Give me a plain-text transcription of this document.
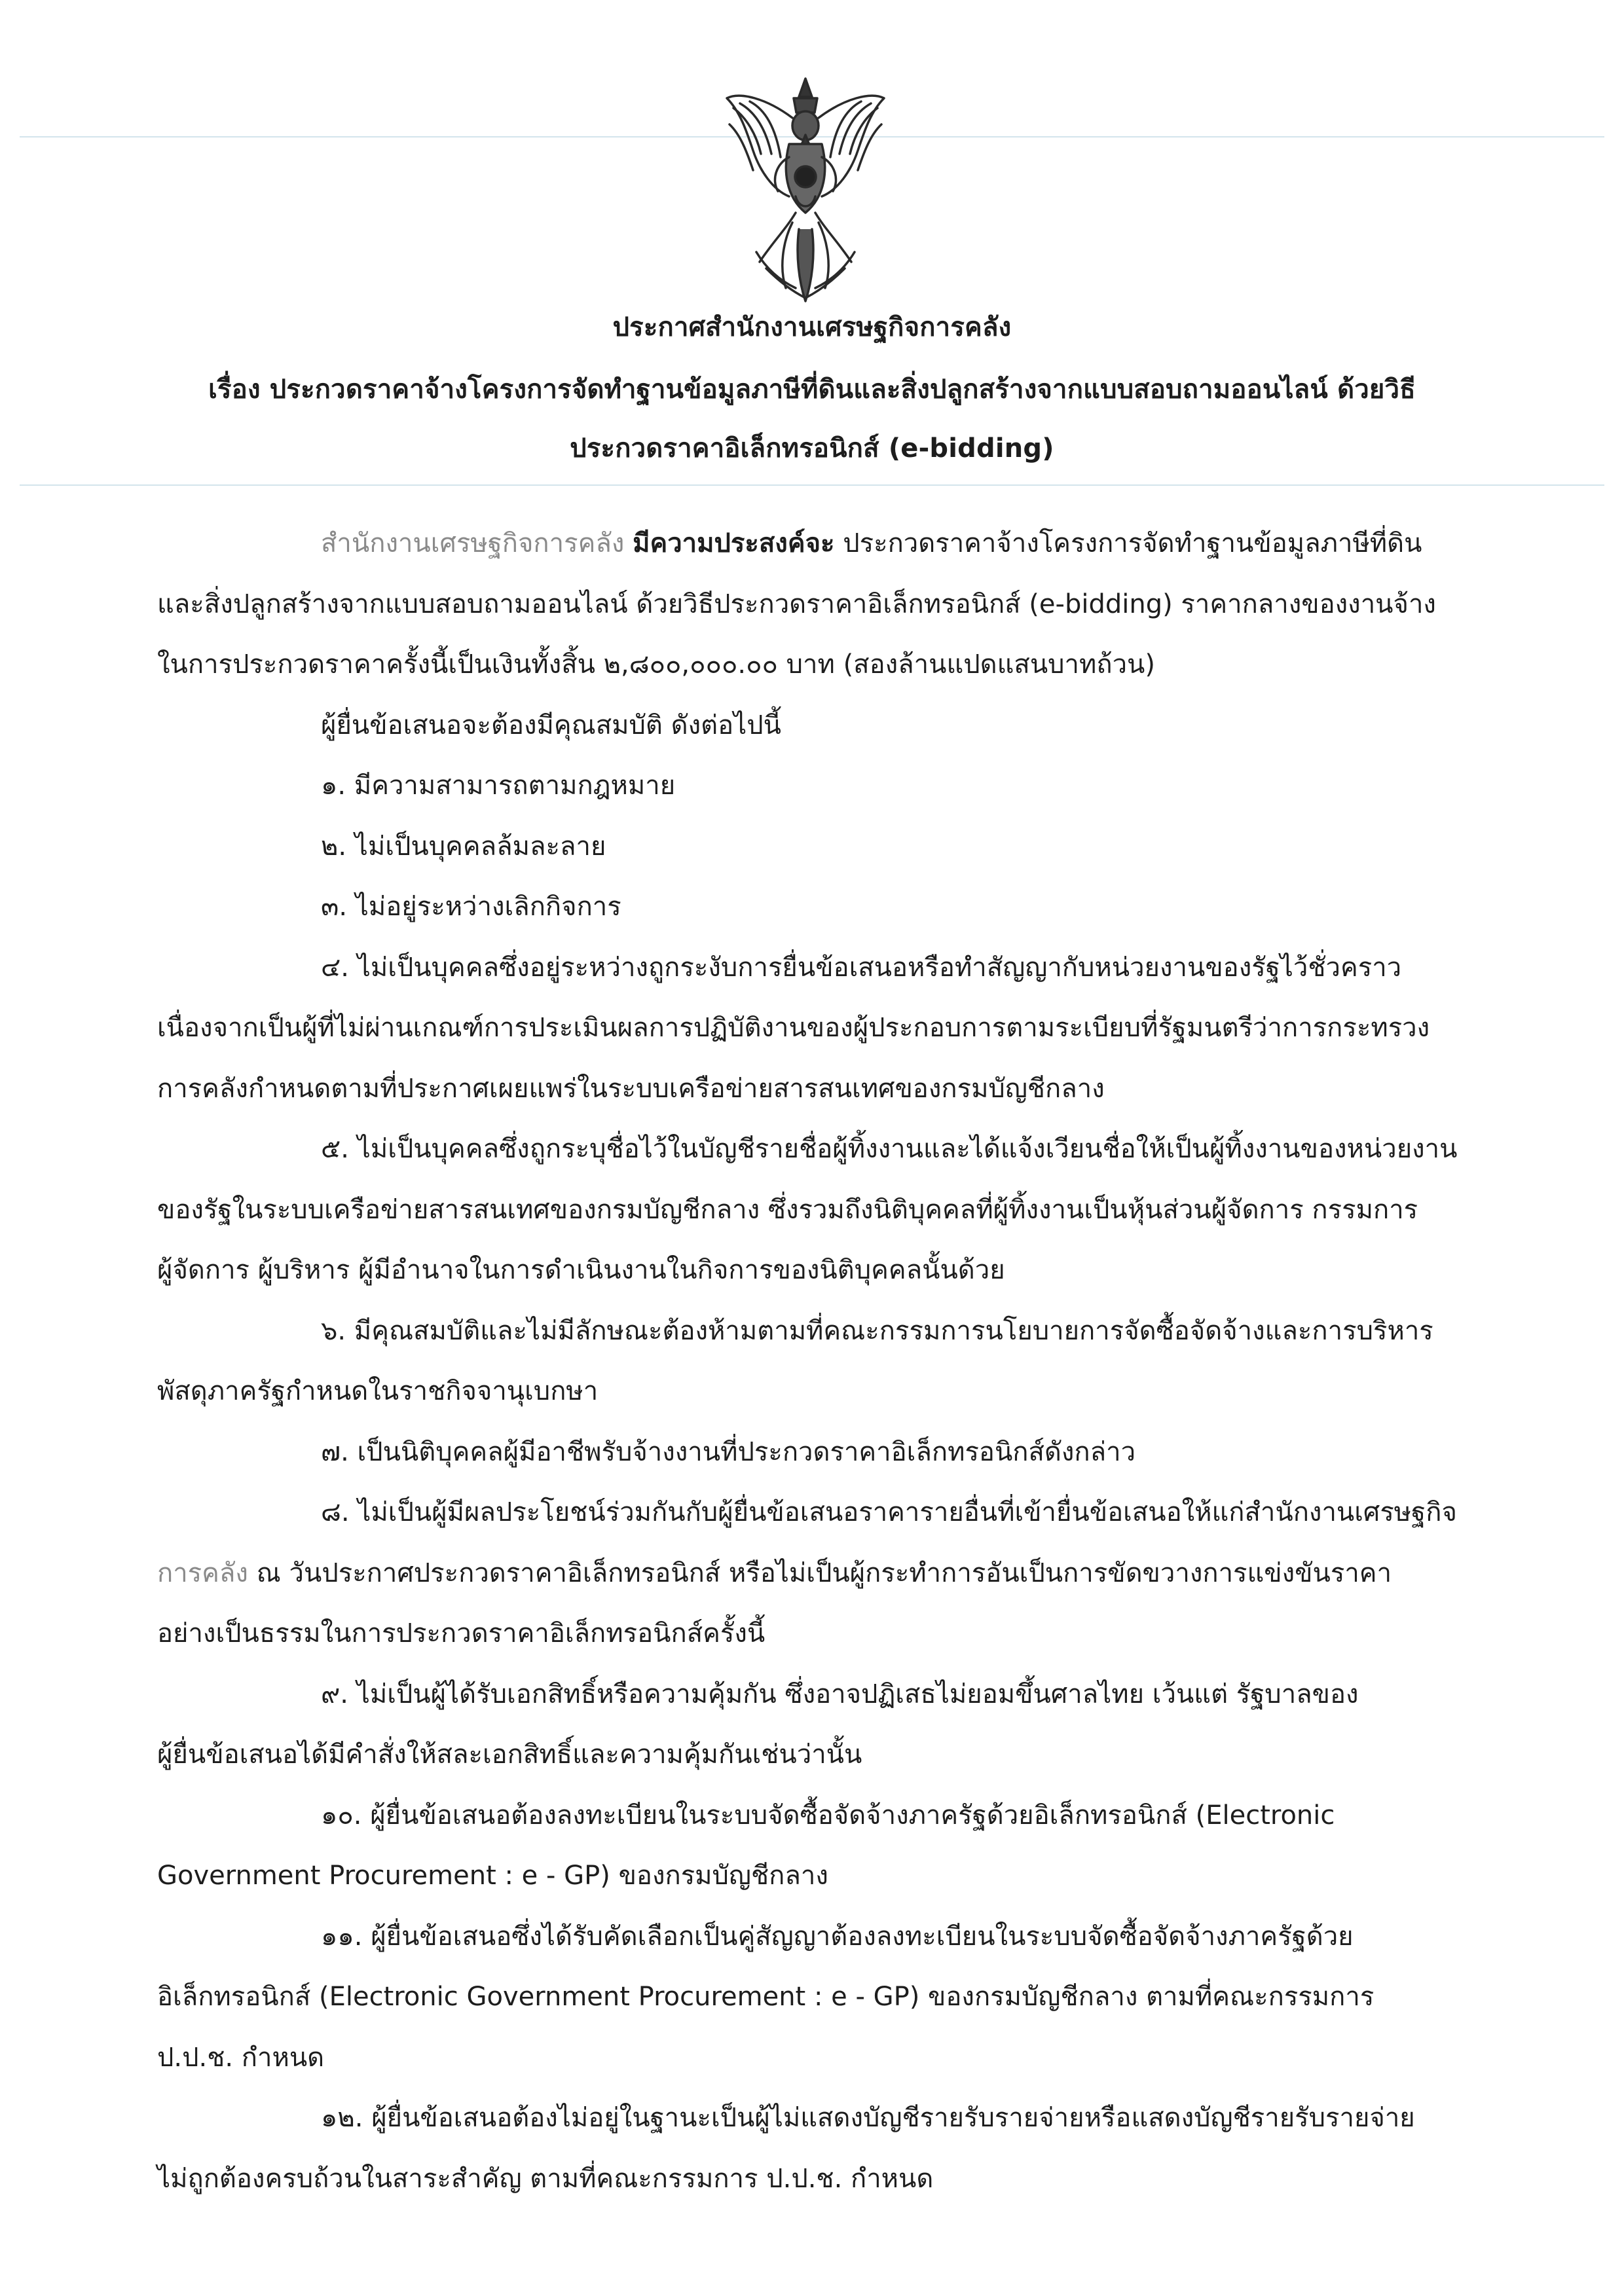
ประกาศสำนักงานเศรษฐกิจการคลัง
เรื่อง ประกวดราคาจ้างโครงการจัดทำฐานข้อมูลภาษีที่ดินและสิ่งปลูกสร้างจากแบบสอบถามออนไลน์ ด้วยวิธี
ประกวดราคาอิเล็กทรอนิกส์ (e-bidding)
สำนักงานเศรษฐกิจการคลัง มีความประสงค์จะ ประกวดราคาจ้างโครงการจัดทำฐานข้อมูลภาษีที่ดิน
และสิ่งปลูกสร้างจากแบบสอบถามออนไลน์ ด้วยวิธีประกวดราคาอิเล็กทรอนิกส์ (e-bidding) ราคากลางของงานจ้าง
ในการประกวดราคาครั้งนี้เป็นเงินทั้งสิ้น ๒,๘๐๐,๐๐๐.๐๐ บาท (สองล้านแปดแสนบาทถ้วน)
ผู้ยื่นข้อเสนอจะต้องมีคุณสมบัติ ดังต่อไปนี้
๑. มีความสามารถตามกฎหมาย
๒. ไม่เป็นบุคคลล้มละลาย
๓. ไม่อยู่ระหว่างเลิกกิจการ
๔. ไม่เป็นบุคคลซึ่งอยู่ระหว่างถูกระงับการยื่นข้อเสนอหรือทำสัญญากับหน่วยงานของรัฐไว้ชั่วคราว
เนื่องจากเป็นผู้ที่ไม่ผ่านเกณฑ์การประเมินผลการปฏิบัติงานของผู้ประกอบการตามระเบียบที่รัฐมนตรีว่าการกระทรวง
การคลังกำหนดตามที่ประกาศเผยแพร่ในระบบเครือข่ายสารสนเทศของกรมบัญชีกลาง
๕. ไม่เป็นบุคคลซึ่งถูกระบุชื่อไว้ในบัญชีรายชื่อผู้ทิ้งงานและได้แจ้งเวียนชื่อให้เป็นผู้ทิ้งงานของหน่วยงาน
ของรัฐในระบบเครือข่ายสารสนเทศของกรมบัญชีกลาง ซึ่งรวมถึงนิติบุคคลที่ผู้ทิ้งงานเป็นหุ้นส่วนผู้จัดการ กรรมการ
ผู้จัดการ ผู้บริหาร ผู้มีอำนาจในการดำเนินงานในกิจการของนิติบุคคลนั้นด้วย
๖. มีคุณสมบัติและไม่มีลักษณะต้องห้ามตามที่คณะกรรมการนโยบายการจัดซื้อจัดจ้างและการบริหาร
พัสดุภาครัฐกำหนดในราชกิจจานุเบกษา
๗. เป็นนิติบุคคลผู้มีอาชีพรับจ้างงานที่ประกวดราคาอิเล็กทรอนิกส์ดังกล่าว
๘. ไม่เป็นผู้มีผลประโยชน์ร่วมกันกับผู้ยื่นข้อเสนอราคารายอื่นที่เข้ายื่นข้อเสนอให้แก่สำนักงานเศรษฐกิจ
การคลัง ณ วันประกาศประกวดราคาอิเล็กทรอนิกส์ หรือไม่เป็นผู้กระทำการอันเป็นการขัดขวางการแข่งขันราคา
อย่างเป็นธรรมในการประกวดราคาอิเล็กทรอนิกส์ครั้งนี้
๙. ไม่เป็นผู้ได้รับเอกสิทธิ์หรือความคุ้มกัน ซึ่งอาจปฏิเสธไม่ยอมขึ้นศาลไทย เว้นแต่ รัฐบาลของ
ผู้ยื่นข้อเสนอได้มีคำสั่งให้สละเอกสิทธิ์และความคุ้มกันเช่นว่านั้น
๑๐. ผู้ยื่นข้อเสนอต้องลงทะเบียนในระบบจัดซื้อจัดจ้างภาครัฐด้วยอิเล็กทรอนิกส์ (Electronic
Government Procurement : e - GP) ของกรมบัญชีกลาง
๑๑. ผู้ยื่นข้อเสนอซึ่งได้รับคัดเลือกเป็นคู่สัญญาต้องลงทะเบียนในระบบจัดซื้อจัดจ้างภาครัฐด้วย
อิเล็กทรอนิกส์ (Electronic Government Procurement : e - GP) ของกรมบัญชีกลาง ตามที่คณะกรรมการ
ป.ป.ช. กำหนด
๑๒. ผู้ยื่นข้อเสนอต้องไม่อยู่ในฐานะเป็นผู้ไม่แสดงบัญชีรายรับรายจ่ายหรือแสดงบัญชีรายรับรายจ่าย
ไม่ถูกต้องครบถ้วนในสาระสำคัญ ตามที่คณะกรรมการ ป.ป.ช. กำหนด
